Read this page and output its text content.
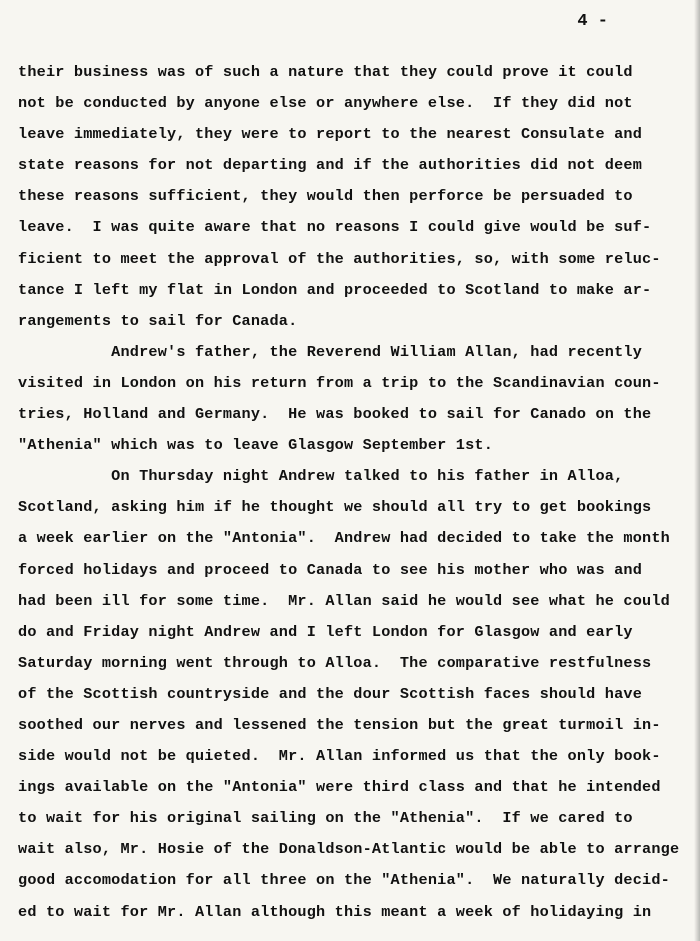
4 -
their business was of such a nature that they could prove it could
not be conducted by anyone else or anywhere else.  If they did not
leave immediately, they were to report to the nearest Consulate and
state reasons for not departing and if the authorities did not deem
these reasons sufficient, they would then perforce be persuaded to
leave.  I was quite aware that no reasons I could give would be suf-
ficient to meet the approval of the authorities, so, with some reluc-
tance I left my flat in London and proceeded to Scotland to make ar-
rangements to sail for Canada.
Andrew's father, the Reverend William Allan, had recently
visited in London on his return from a trip to the Scandinavian coun-
tries, Holland and Germany.  He was booked to sail for Canado on the
"Athenia" which was to leave Glasgow September 1st.
On Thursday night Andrew talked to his father in Alloa,
Scotland, asking him if he thought we should all try to get bookings
a week earlier on the "Antonia".  Andrew had decided to take the month
forced holidays and proceed to Canada to see his mother who was and
had been ill for some time.  Mr. Allan said he would see what he could
do and Friday night Andrew and I left London for Glasgow and early
Saturday morning went through to Alloa.  The comparative restfulness
of the Scottish countryside and the dour Scottish faces should have
soothed our nerves and lessened the tension but the great turmoil in-
side would not be quieted.  Mr. Allan informed us that the only book-
ings available on the "Antonia" were third class and that he intended
to wait for his original sailing on the "Athenia".  If we cared to
wait also, Mr. Hosie of the Donaldson-Atlantic would be able to arrange
good accomodation for all three on the "Athenia".  We naturally decid-
ed to wait for Mr. Allan although this meant a week of holidaying in
